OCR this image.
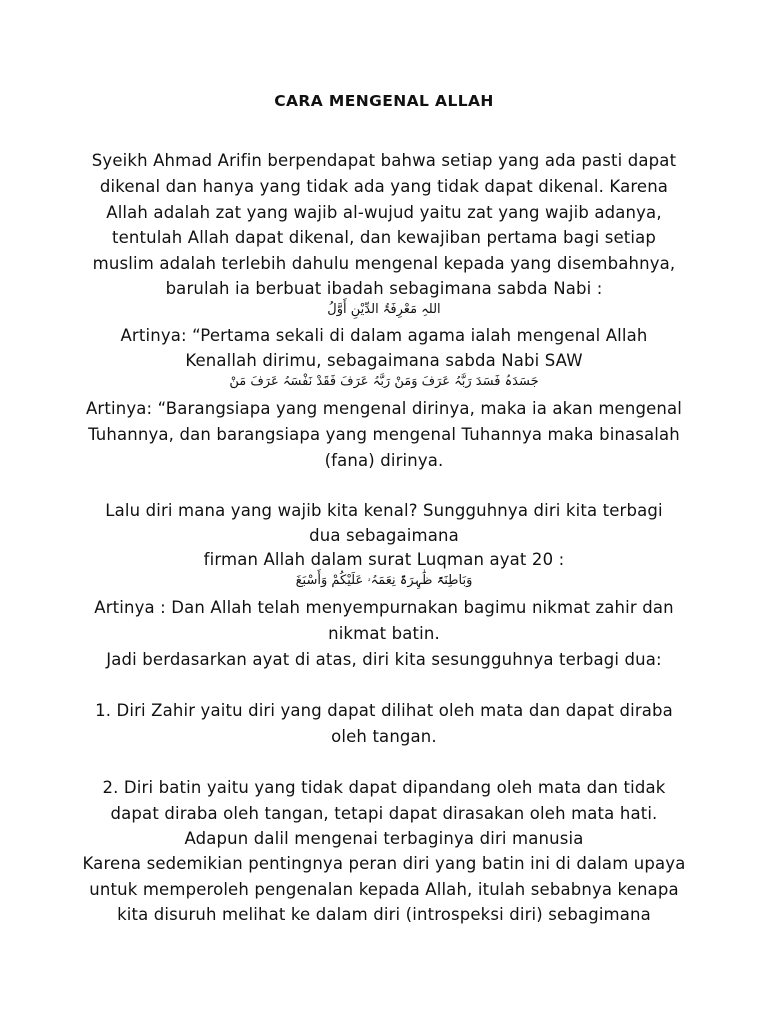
CARA MENGENAL ALLAH
Syeikh Ahmad Arifin berpendapat bahwa setiap yang ada pasti dapat
dikenal dan hanya yang tidak ada yang tidak dapat dikenal. Karena
Allah adalah zat yang wajib al-wujud yaitu zat yang wajib adanya,
tentulah Allah dapat dikenal, dan kewajiban pertama bagi setiap
muslim adalah terlebih dahulu mengenal kepada yang disembahnya,
barulah ia berbuat ibadah sebagimana sabda Nabi :
اللہِ مَعْرِفَۃُ الدِّیْنِ أَوَّلُ
Artinya: “Pertama sekali di dalam agama ialah mengenal Allah
Kenallah dirimu, sebagaimana sabda Nabi SAW
جَسَدَہُ فَسَدَ رَبَّہُ عَرَفَ وَمَنْ رَبَّہُ عَرَفَ فَقَدْ نَفْسَہُ عَرَفَ مَنْ
Artinya: “Barangsiapa yang mengenal dirinya, maka ia akan mengenal
Tuhannya, dan barangsiapa yang mengenal Tuhannya maka binasalah
(fana) dirinya.
Lalu diri mana yang wajib kita kenal? Sungguhnya diri kita terbagi
dua sebagaimana
firman Allah dalam surat Luqman ayat 20 :
وَبَاطِنَۃً ظَٰہِرَۃً نِعَمَہُۥ عَلَیْکُمْ وَأَسْبَغَ
Artinya : Dan Allah telah menyempurnakan bagimu nikmat zahir dan
nikmat batin.
Jadi berdasarkan ayat di atas, diri kita sesungguhnya terbagi dua:
1. Diri Zahir yaitu diri yang dapat dilihat oleh mata dan dapat diraba
oleh tangan.
2. Diri batin yaitu yang tidak dapat dipandang oleh mata dan tidak
dapat diraba oleh tangan, tetapi dapat dirasakan oleh mata hati.
Adapun dalil mengenai terbaginya diri manusia
Karena sedemikian pentingnya peran diri yang batin ini di dalam upaya
untuk memperoleh pengenalan kepada Allah, itulah sebabnya kenapa
kita disuruh melihat ke dalam diri (introspeksi diri) sebagimana
